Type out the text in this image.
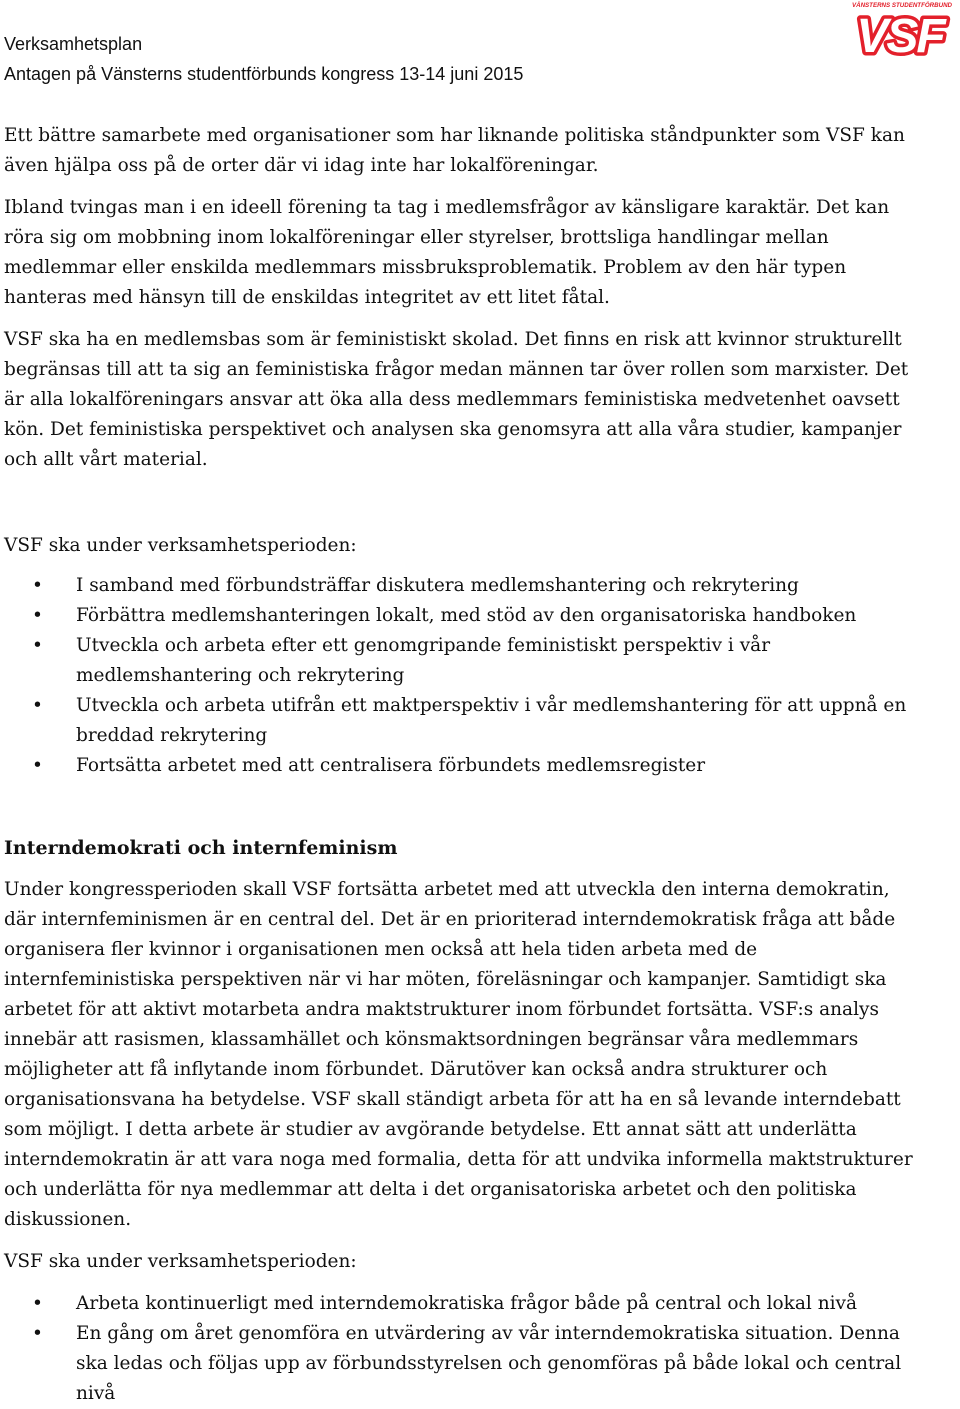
Verksamhetsplan
Antagen på Vänsterns studentförbunds kongress 13-14 juni 2015
VÄNSTERNS STUDENTFÖRBUND
VSF

Ett bättre samarbete med organisationer som har liknande politiska ståndpunkter som VSF kan även hjälpa oss på de orter där vi idag inte har lokalföreningar.

Ibland tvingas man i en ideell förening ta tag i medlemsfrågor av känsligare karaktär. Det kan röra sig om mobbning inom lokalföreningar eller styrelser, brottsliga handlingar mellan medlemmar eller enskilda medlemmars missbruksproblematik. Problem av den här typen hanteras med hänsyn till de enskildas integritet av ett litet fåtal.

VSF ska ha en medlemsbas som är feministiskt skolad. Det finns en risk att kvinnor strukturellt begränsas till att ta sig an feministiska frågor medan männen tar över rollen som marxister. Det är alla lokalföreningars ansvar att öka alla dess medlemmars feministiska medvetenhet oavsett kön. Det feministiska perspektivet och analysen ska genomsyra att alla våra studier, kampanjer och allt vårt material.

VSF ska under verksamhetsperioden:
• I samband med förbundsträffar diskutera medlemshantering och rekrytering
• Förbättra medlemshanteringen lokalt, med stöd av den organisatoriska handboken
• Utveckla och arbeta efter ett genomgripande feministiskt perspektiv i vår medlemshantering och rekrytering
• Utveckla och arbeta utifrån ett maktperspektiv i vår medlemshantering för att uppnå en breddad rekrytering
• Fortsätta arbetet med att centralisera förbundets medlemsregister

Interndemokrati och internfeminism

Under kongressperioden skall VSF fortsätta arbetet med att utveckla den interna demokratin, där internfeminismen är en central del. Det är en prioriterad interndemokratisk fråga att både organisera fler kvinnor i organisationen men också att hela tiden arbeta med de internfeministiska perspektiven när vi har möten, föreläsningar och kampanjer. Samtidigt ska arbetet för att aktivt motarbeta andra maktstrukturer inom förbundet fortsätta. VSF:s analys innebär att rasismen, klassamhället och könsmaktsordningen begränsar våra medlemmars möjligheter att få inflytande inom förbundet. Därutöver kan också andra strukturer och organisationsvana ha betydelse. VSF skall ständigt arbeta för att ha en så levande interndebatt som möjligt. I detta arbete är studier av avgörande betydelse. Ett annat sätt att underlätta interndemokratin är att vara noga med formalia, detta för att undvika informella maktstrukturer och underlätta för nya medlemmar att delta i det organisatoriska arbetet och den politiska diskussionen.

VSF ska under verksamhetsperioden:

• Arbeta kontinuerligt med interndemokratiska frågor både på central och lokal nivå
• En gång om året genomföra en utvärdering av vår interndemokratiska situation. Denna ska ledas och följas upp av förbundsstyrelsen och genomföras på både lokal och central nivå
